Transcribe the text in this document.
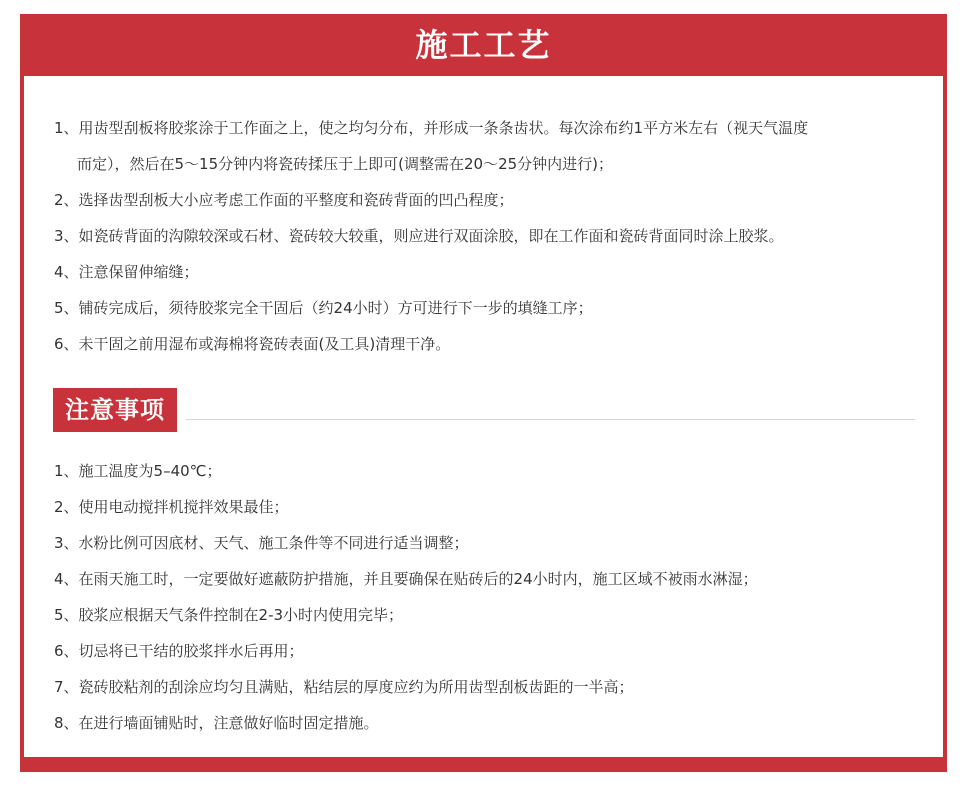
施工工艺
1、用齿型刮板将胶浆涂于工作面之上，使之均匀分布，并形成一条条齿状。每次涂布约1平方米左右（视天气温度
而定），然后在5～15分钟内将瓷砖揉压于上即可(调整需在20～25分钟内进行)；
2、选择齿型刮板大小应考虑工作面的平整度和瓷砖背面的凹凸程度；
3、如瓷砖背面的沟隙较深或石材、瓷砖较大较重，则应进行双面涂胶，即在工作面和瓷砖背面同时涂上胶浆。
4、注意保留伸缩缝；
5、铺砖完成后，须待胶浆完全干固后（约24小时）方可进行下一步的填缝工序；
6、未干固之前用湿布或海棉将瓷砖表面(及工具)清理干净。
注意事项
1、施工温度为5–40℃；
2、使用电动搅拌机搅拌效果最佳；
3、水粉比例可因底材、天气、施工条件等不同进行适当调整；
4、在雨天施工时，一定要做好遮蔽防护措施，并且要确保在贴砖后的24小时内，施工区域不被雨水淋湿；
5、胶浆应根据天气条件控制在2-3小时内使用完毕；
6、切忌将已干结的胶浆拌水后再用；
7、瓷砖胶粘剂的刮涂应均匀且满贴，粘结层的厚度应约为所用齿型刮板齿距的一半高；
8、在进行墙面铺贴时，注意做好临时固定措施。
